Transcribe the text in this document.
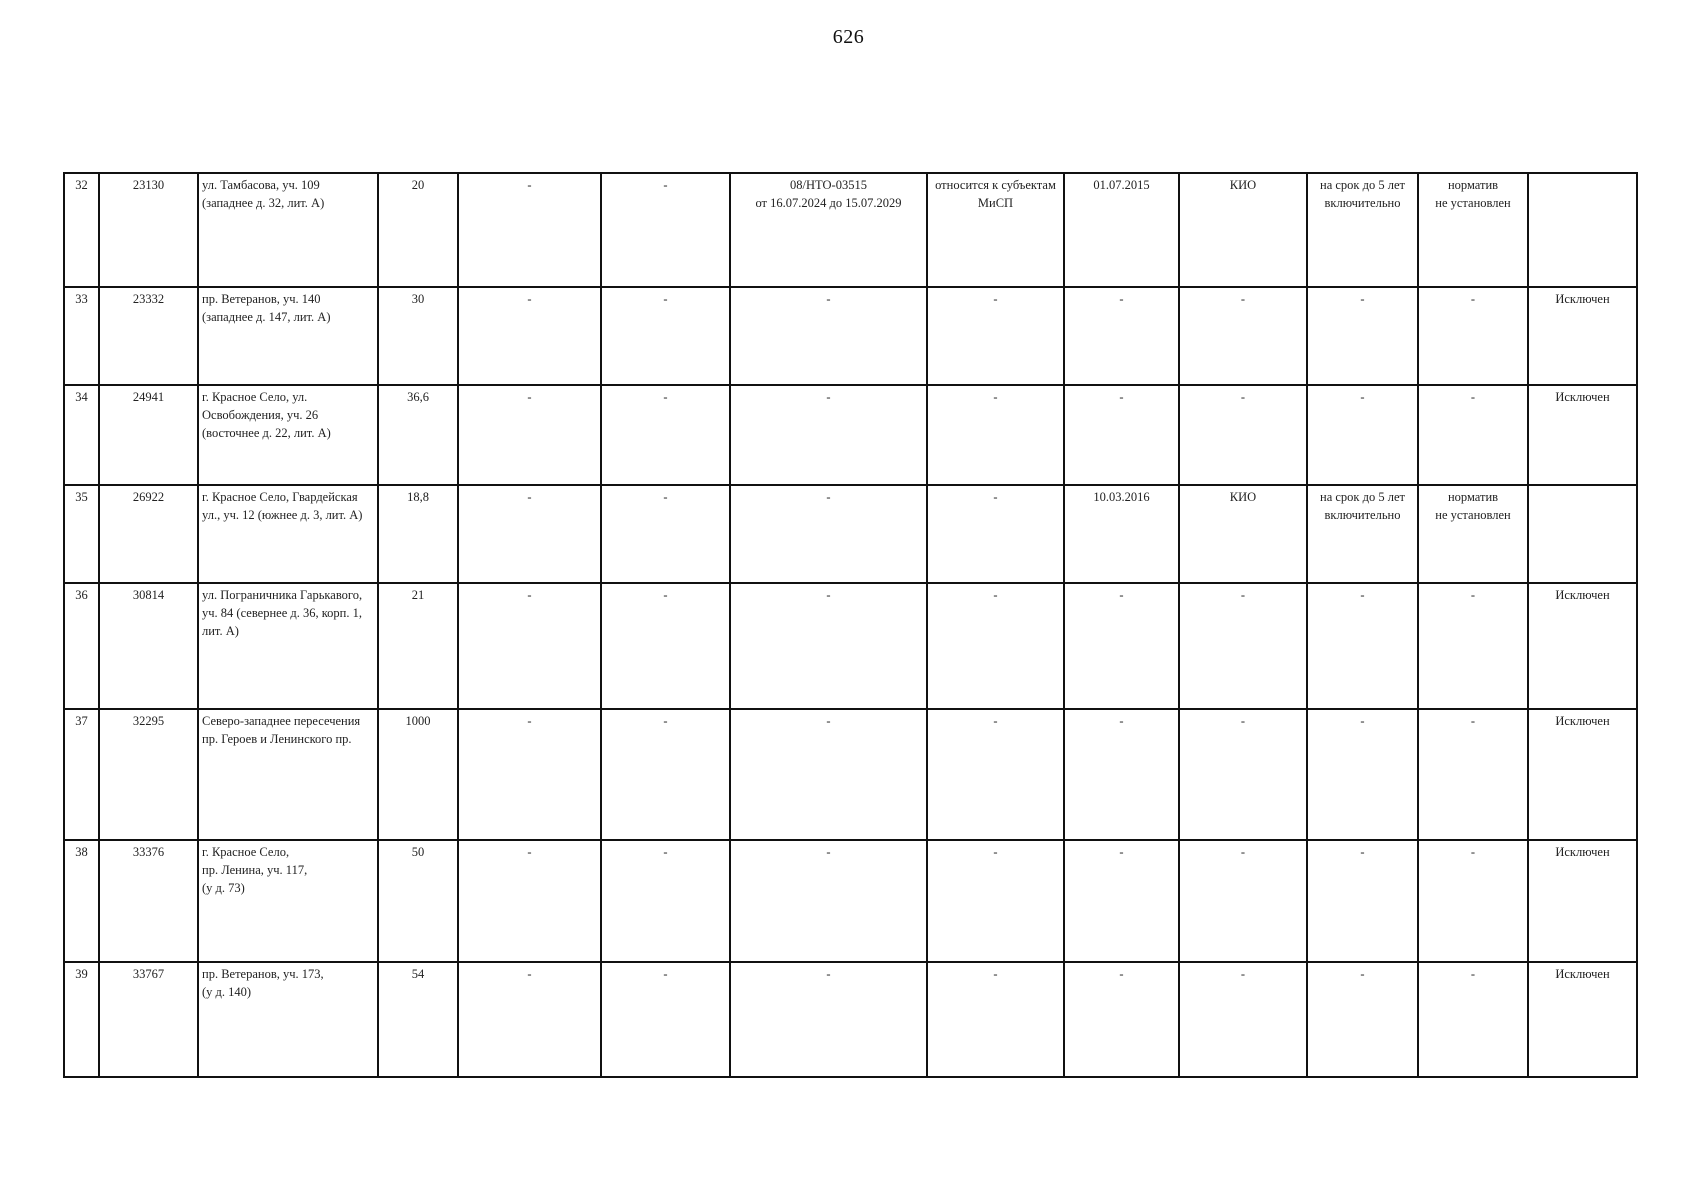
626
32	23130	ул. Тамбасова, уч. 109
(западнее д. 32, лит. А)	20	-	-	08/НТО-03515
от 16.07.2024 до 15.07.2029	относится к субъектам
МиСП	01.07.2015	КИО	на срок до 5 лет
включительно	норматив
не установлен	

33	23332	пр. Ветеранов, уч. 140
(западнее д. 147, лит. А)	30	-	-	-	-	-	-	-	-	Исключен
34	24941	г. Красное Село, ул.
Освобождения, уч. 26
(восточнее д. 22, лит. А)	36,6	-	-	-	-	-	-	-	-	Исключен
35	26922	г. Красное Село, Гвардейская
ул., уч. 12 (южнее д. 3, лит. А)	18,8	-	-	-	-	10.03.2016	КИО	на срок до 5 лет
включительно	норматив
не установлен	

36	30814	ул. Пограничника Гарькавого,
уч. 84 (севернее д. 36, корп. 1,
лит. А)	21	-	-	-	-	-	-	-	-	Исключен
37	32295	Северо-западнее пересечения
пр. Героев и Ленинского пр.	1000	-	-	-	-	-	-	-	-	Исключен
38	33376	г. Красное Село,
пр. Ленина, уч. 117,
(у д. 73)	50	-	-	-	-	-	-	-	-	Исключен
39	33767	пр. Ветеранов, уч. 173,
(у д. 140)	54	-	-	-	-	-	-	-	-	Исключен
